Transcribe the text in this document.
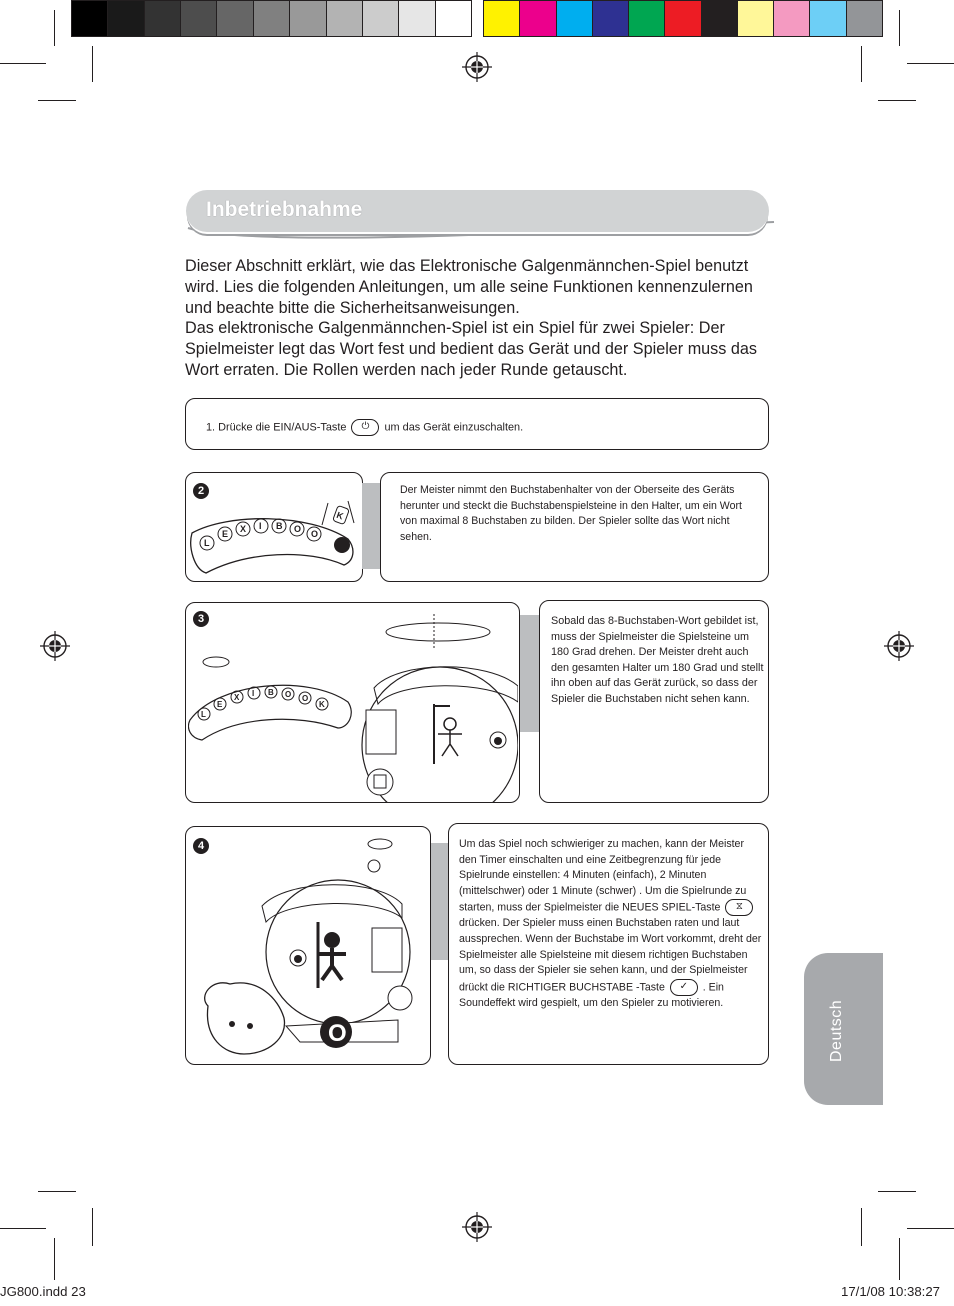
Inbetriebnahme

Dieser Abschnitt erklärt, wie das Elektronische Galgenmännchen-Spiel benutzt wird. Lies die folgenden Anleitungen, um alle seine Funktionen kennenzulernen und beachte bitte die Sicherheitsanweisungen.

Das elektronische Galgenmännchen-Spiel ist ein Spiel für zwei Spieler: Der Spielmeister legt das Wort fest und bedient das Gerät und der Spieler muss das Wort erraten. Die Rollen werden nach jeder Runde getauscht.

1. Drücke die EIN/AUS-Taste ⏻ um das Gerät einzuschalten.
2
L
E X I B O O
K
Der Meister nimmt den Buchstabenhalter von der Oberseite des Geräts herunter und steckt die Buchstabenspielsteine in den Halter, um ein Wort von maximal 8 Buchstaben zu bilden. Der Spieler sollte das Wort nicht sehen.
3
L
E
X I B O O
K
Sobald das 8-Buchstaben-Wort gebildet ist, muss der Spielmeister die Spielsteine um 180 Grad drehen. Der Meister dreht auch den gesamten Halter um 180 Grad und stellt ihn oben auf das Gerät zurück, so dass der Spieler die Buchstaben nicht sehen kann.
4
O
Um das Spiel noch schwieriger zu machen, kann der Meister den Timer einschalten und eine Zeitbegrenzung für jede Spielrunde einstellen: 4 Minuten (einfach), 2 Minuten (mittelschwer) oder 1 Minute (schwer) . Um die Spielrunde zu starten, muss der Spielmeister die NEUES SPIEL-Taste ⧖ drücken. Der Spieler muss einen Buchstaben raten und laut aussprechen. Wenn der Buchstabe im Wort vorkommt, dreht der Spielmeister alle Spielsteine mit diesem richtigen Buchstaben um, so dass der Spieler sie sehen kann, und der Spielmeister drückt die RICHTIGER BUCHSTABE -Taste ✓ . Ein Soundeffekt wird gespielt, um den Spieler zu motivieren.	Deutsch
JG800.indd 23	17/1/08 10:38:27
